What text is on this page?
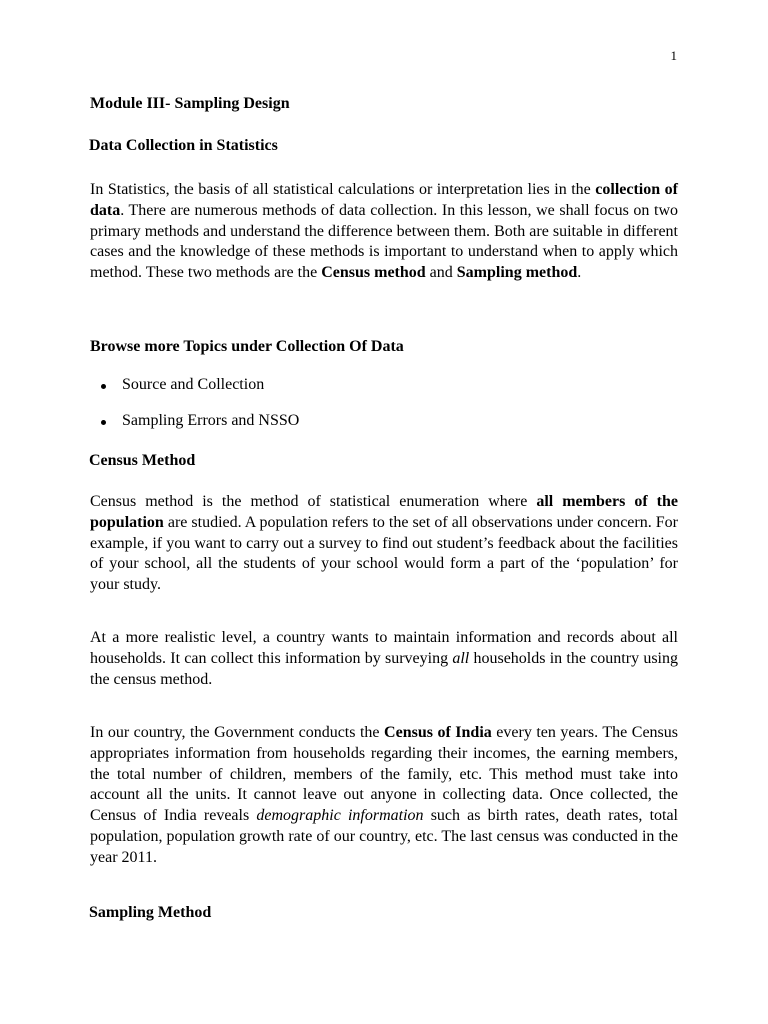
1
Module III- Sampling Design
Data Collection in Statistics

In Statistics, the basis of all statistical calculations or interpretation lies in the collection of data. There are numerous methods of data collection. In this lesson, we shall focus on two primary methods and understand the difference between them. Both are suitable in different cases and the knowledge of these methods is important to understand when to apply which method. These two methods are the Census method and Sampling method.

Browse more Topics under Collection Of Data
Source and Collection
Sampling Errors and NSSO
Census Method

Census method is the method of statistical enumeration where all members of the population are studied. A population refers to the set of all observations under concern. For example, if you want to carry out a survey to find out student’s feedback about the facilities of your school, all the students of your school would form a part of the ‘population’ for your study.

At a more realistic level, a country wants to maintain information and records about all households. It can collect this information by surveying all households in the country using the census method.

In our country, the Government conducts the Census of India every ten years. The Census appropriates information from households regarding their incomes, the earning members, the total number of children, members of the family, etc. This method must take into account all the units. It cannot leave out anyone in collecting data. Once collected, the Census of India reveals demographic information such as birth rates, death rates, total population, population growth rate of our country, etc. The last census was conducted in the year 2011.

Sampling Method
